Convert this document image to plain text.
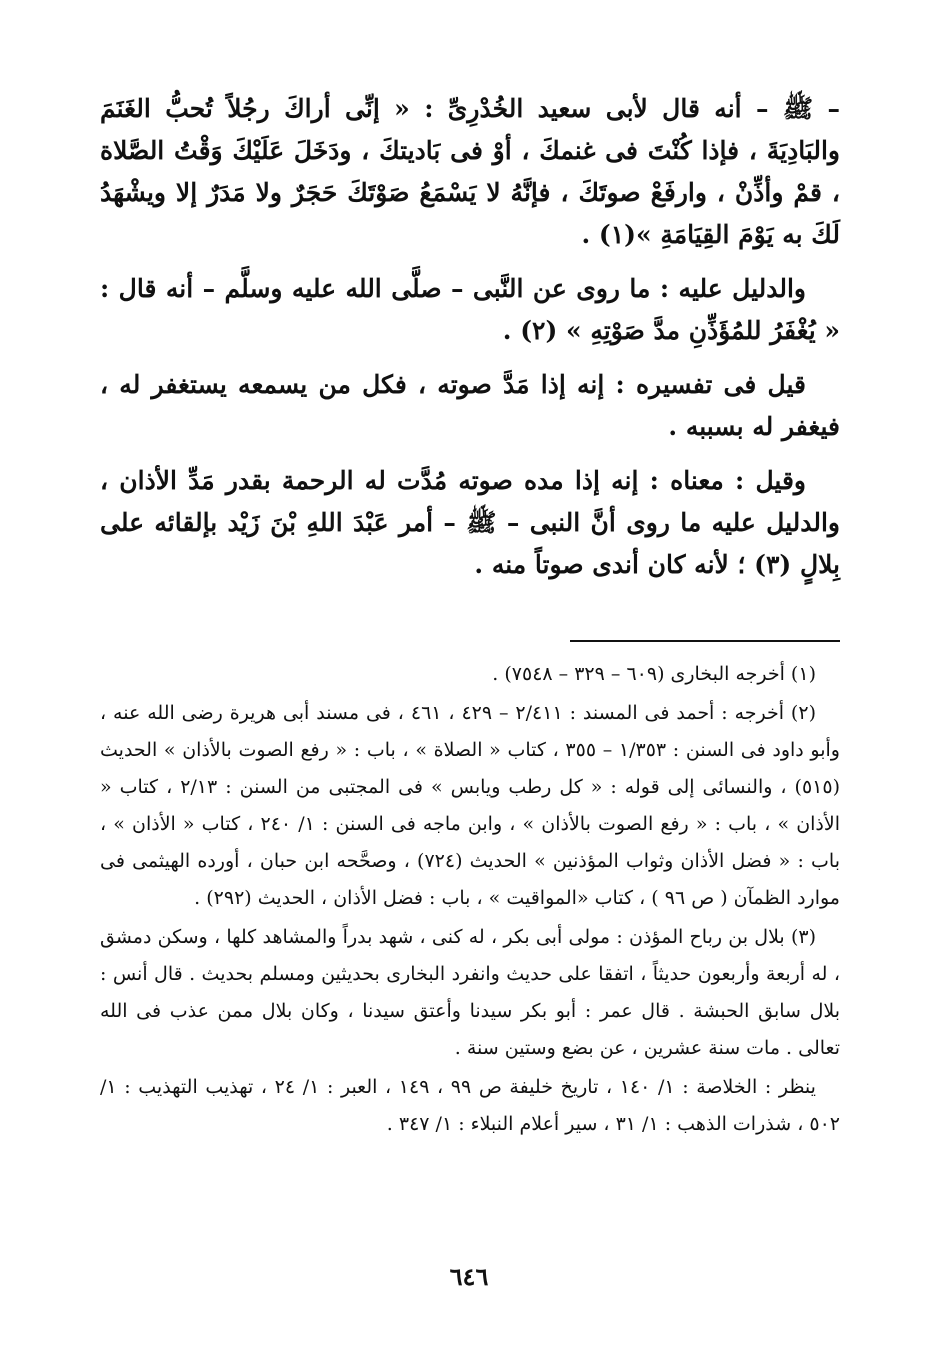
– ﷺ – أنه قال لأبى سعيد الخُدْرِىِّ : « إنِّى أراكَ رجُلاً تُحبُّ الغَنَمَ والبَادِيَةَ ، فإذا كُنْتَ فى غنمكَ ، أوْ فى بَاديتكَ ، ودَخَلَ عَلَيْكَ وَقْتُ الصَّلاة ، قمْ وأذِّنْ ، وارفَعْ صوتَكَ ، فإنَّهُ لا يَسْمَعُ صَوْتَكَ حَجَرٌ ولا مَدَرٌ إلا ويشْهَدُ لَكَ به يَوْمَ القِيَامَةِ »(١) .

والدليل عليه : ما روى عن النَّبى – صلَّى الله عليه وسلَّم – أنه قال : « يُغْفَرُ للمُؤَذِّنِ مدَّ صَوْتِهِ » (٢) .

قيل فى تفسيره : إنه إذا مَدَّ صوته ، فكل من يسمعه يستغفر له ، فيغفر له بسببه .

وقيل : معناه : إنه إذا مده صوته مُدَّت له الرحمة بقدر مَدِّ الأذان ، والدليل عليه ما روى أنَّ النبى – ﷺ – أمر عَبْدَ اللهِ بْنَ زَيْد بإلقائه على بِلالٍ (٣) ؛ لأنه كان أندى صوتاً منه .

(١) أخرجه البخارى (٦٠٩ – ٣٢٩ – ٧٥٤٨) .

(٢) أخرجه : أحمد فى المسند : ٢/٤١١ – ٤٢٩ ، ٤٦١ ، فى مسند أبى هريرة رضى الله عنه ، وأبو داود فى السنن : ١/٣٥٣ – ٣٥٥ ، كتاب « الصلاة » ، باب : « رفع الصوت بالأذان » الحديث (٥١٥) ، والنسائى إلى قوله : « كل رطب ويابس » فى المجتبى من السنن : ٢/١٣ ، كتاب « الأذان » ، باب : « رفع الصوت بالأذان » ، وابن ماجه فى السنن : ١/ ٢٤٠ ، كتاب « الأذان » ، باب : « فضل الأذان وثواب المؤذنين » الحديث (٧٢٤) ، وصحَّحه ابن حبان ، أورده الهيثمى فى موارد الظمآن ( ص ٩٦ ) ، كتاب «المواقيت » ، باب : فضل الأذان ، الحديث (٢٩٢) .

(٣) بلال بن رباح المؤذن : مولى أبى بكر ، له كنى ، شهد بدراً والمشاهد كلها ، وسكن دمشق ، له أربعة وأربعون حديثاً ، اتفقا على حديث وانفرد البخارى بحديثين ومسلم بحديث . قال أنس : بلال سابق الحبشة . قال عمر : أبو بكر سيدنا وأعتق سيدنا ، وكان بلال ممن عذب فى الله تعالى . مات سنة عشرين ، عن بضع وستين سنة .

ينظر : الخلاصة : ١/ ١٤٠ ، تاريخ خليفة ص ٩٩ ، ١٤٩ ، العبر : ١/ ٢٤ ، تهذيب التهذيب : ١/ ٥٠٢ ، شذرات الذهب : ١/ ٣١ ، سير أعلام النبلاء : ١/ ٣٤٧ .

٦٤٦
